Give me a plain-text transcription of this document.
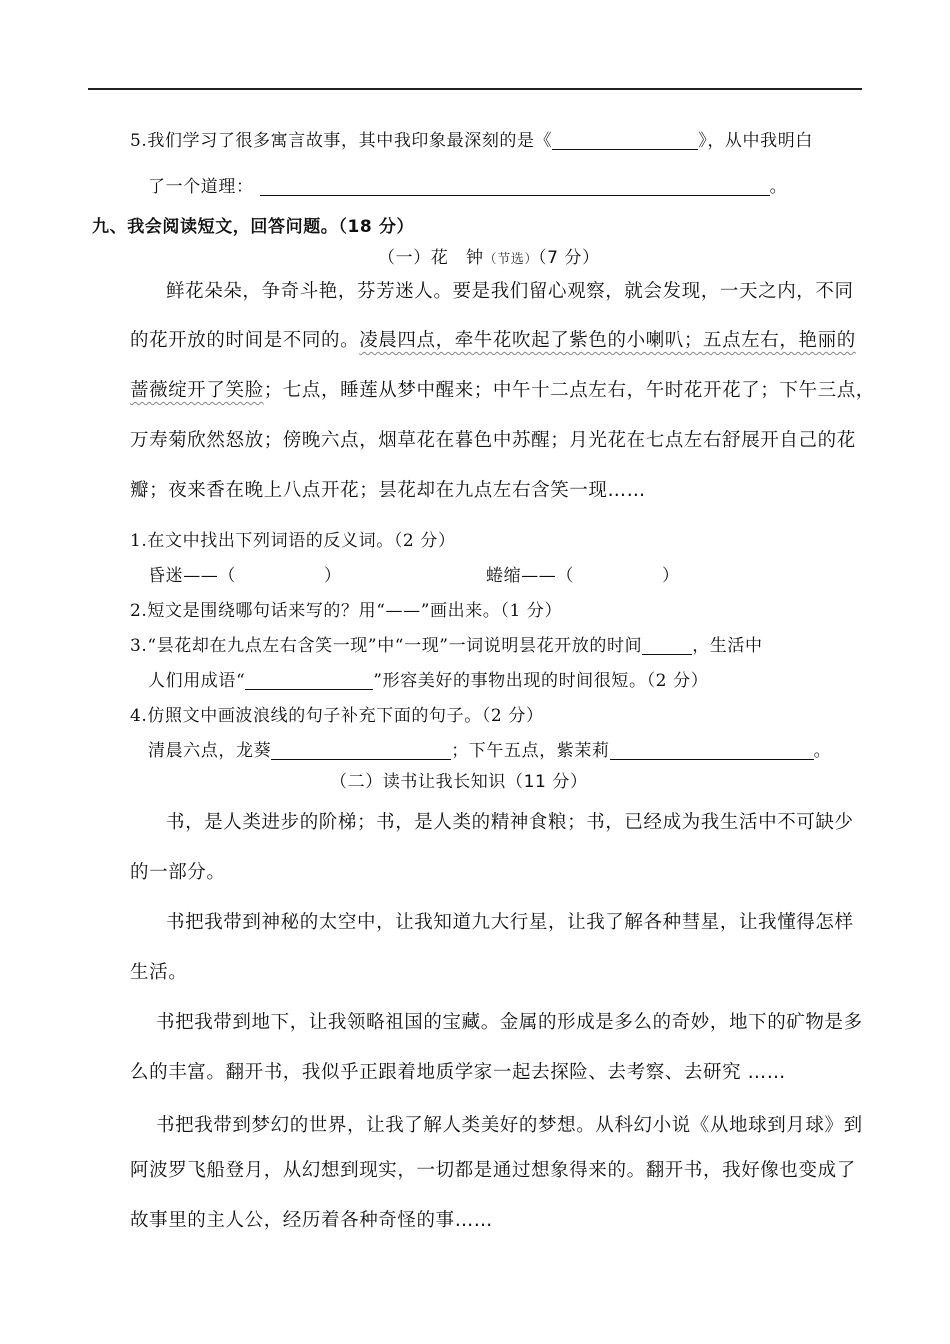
5.我们学习了很多寓言故事，其中我印象最深刻的是《	》，从中我明白
了一个道理：	。
九、我会阅读短文，回答问题。（18 分）
（一）花　钟（节选）（7 分）
鲜花朵朵，争奇斗艳，芬芳迷人。要是我们留心观察，就会发现，一天之内，不同
的花开放的时间是不同的。凌晨四点，牵牛花吹起了紫色的小喇叭；五点左右，艳丽的
蔷薇绽开了笑脸；七点，睡莲从梦中醒来；中午十二点左右，午时花开花了；下午三点，
万寿菊欣然怒放；傍晚六点，烟草花在暮色中苏醒；月光花在七点左右舒展开自己的花
瓣；夜来香在晚上八点开花；昙花却在九点左右含笑一现……
1.在文中找出下列词语的反义词。（2 分）
昏迷——（　　　　　）	蜷缩——（　　　　　）
2.短文是围绕哪句话来写的？用“——”画出来。（1 分）
3.“昙花却在九点左右含笑一现”中“一现”一词说明昙花开放的时间	，生活中
人们用成语“	”形容美好的事物出现的时间很短。（2 分）
4.仿照文中画波浪线的句子补充下面的句子。（2 分）
清晨六点，龙葵	；下午五点，紫茉莉	。
（二）读书让我长知识（11 分）
书，是人类进步的阶梯；书，是人类的精神食粮；书，已经成为我生活中不可缺少
的一部分。
书把我带到神秘的太空中，让我知道九大行星，让我了解各种彗星，让我懂得怎样
生活。
书把我带到地下，让我领略祖国的宝藏。金属的形成是多么的奇妙，地下的矿物是多
么的丰富。翻开书，我似乎正跟着地质学家一起去探险、去考察、去研究 ……
书把我带到梦幻的世界，让我了解人类美好的梦想。从科幻小说《从地球到月球》到
阿波罗飞船登月，从幻想到现实，一切都是通过想象得来的。翻开书，我好像也变成了
故事里的主人公，经历着各种奇怪的事……
